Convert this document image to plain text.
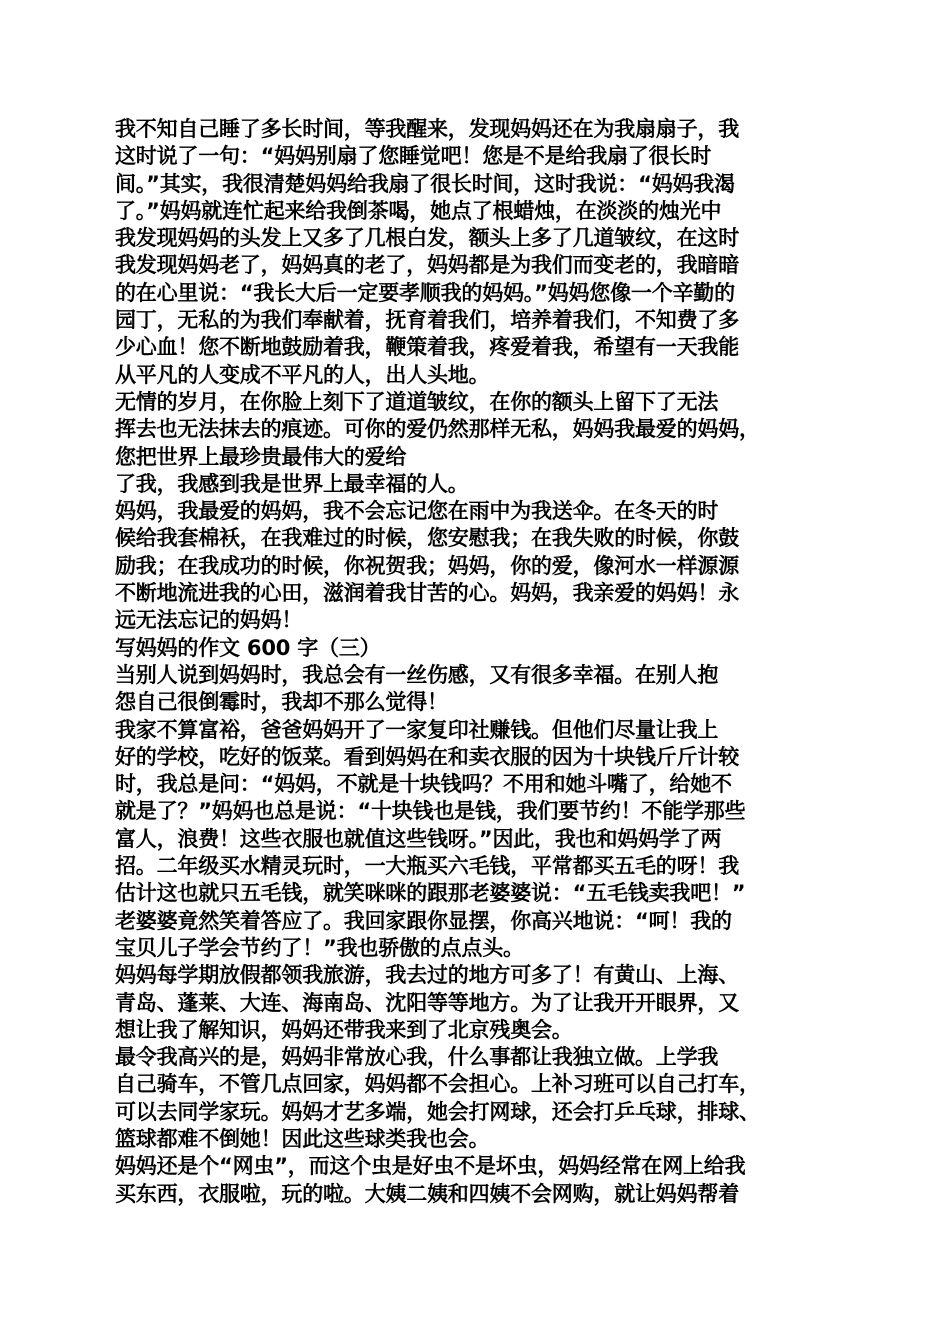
我不知自己睡了多长时间，等我醒来，发现妈妈还在为我扇扇子，我
这时说了一句：“妈妈别扇了您睡觉吧！您是不是给我扇了很长时
间。”其实，我很清楚妈妈给我扇了很长时间，这时我说：“妈妈我渴
了。”妈妈就连忙起来给我倒茶喝，她点了根蜡烛，在淡淡的烛光中
我发现妈妈的头发上又多了几根白发，额头上多了几道皱纹，在这时
我发现妈妈老了，妈妈真的老了，妈妈都是为我们而变老的，我暗暗
的在心里说：“我长大后一定要孝顺我的妈妈。”妈妈您像一个辛勤的
园丁，无私的为我们奉献着，抚育着我们，培养着我们，不知费了多
少心血！您不断地鼓励着我，鞭策着我，疼爱着我，希望有一天我能
从平凡的人变成不平凡的人，出人头地。
无情的岁月，在你脸上刻下了道道皱纹，在你的额头上留下了无法
挥去也无法抹去的痕迹。可你的爱仍然那样无私，妈妈我最爱的妈妈，
您把世界上最珍贵最伟大的爱给
了我，我感到我是世界上最幸福的人。
妈妈，我最爱的妈妈，我不会忘记您在雨中为我送伞。在冬天的时
候给我套棉袄，在我难过的时候，您安慰我；在我失败的时候，你鼓
励我；在我成功的时候，你祝贺我；妈妈，你的爱，像河水一样源源
不断地流进我的心田，滋润着我甘苦的心。妈妈，我亲爱的妈妈！永
远无法忘记的妈妈！
写妈妈的作文 600 字（三）
当别人说到妈妈时，我总会有一丝伤感，又有很多幸福。在别人抱
怨自己很倒霉时，我却不那么觉得！
我家不算富裕，爸爸妈妈开了一家复印社赚钱。但他们尽量让我上
好的学校，吃好的饭菜。看到妈妈在和卖衣服的因为十块钱斤斤计较
时，我总是问：“妈妈，不就是十块钱吗？不用和她斗嘴了，给她不
就是了？”妈妈也总是说：“十块钱也是钱，我们要节约！不能学那些
富人，浪费！这些衣服也就值这些钱呀。”因此，我也和妈妈学了两
招。二年级买水精灵玩时，一大瓶买六毛钱，平常都买五毛的呀！我
估计这也就只五毛钱，就笑咪咪的跟那老婆婆说：“五毛钱卖我吧！”
老婆婆竟然笑着答应了。我回家跟你显摆，你高兴地说：“呵！我的
宝贝儿子学会节约了！”我也骄傲的点点头。
妈妈每学期放假都领我旅游，我去过的地方可多了！有黄山、上海、
青岛、蓬莱、大连、海南岛、沈阳等等地方。为了让我开开眼界，又
想让我了解知识，妈妈还带我来到了北京残奥会。
最令我高兴的是，妈妈非常放心我，什么事都让我独立做。上学我
自己骑车，不管几点回家，妈妈都不会担心。上补习班可以自己打车，
可以去同学家玩。妈妈才艺多端，她会打网球，还会打乒乓球，排球、
篮球都难不倒她！因此这些球类我也会。
妈妈还是个“网虫”，而这个虫是好虫不是坏虫，妈妈经常在网上给我
买东西，衣服啦，玩的啦。大姨二姨和四姨不会网购，就让妈妈帮着
